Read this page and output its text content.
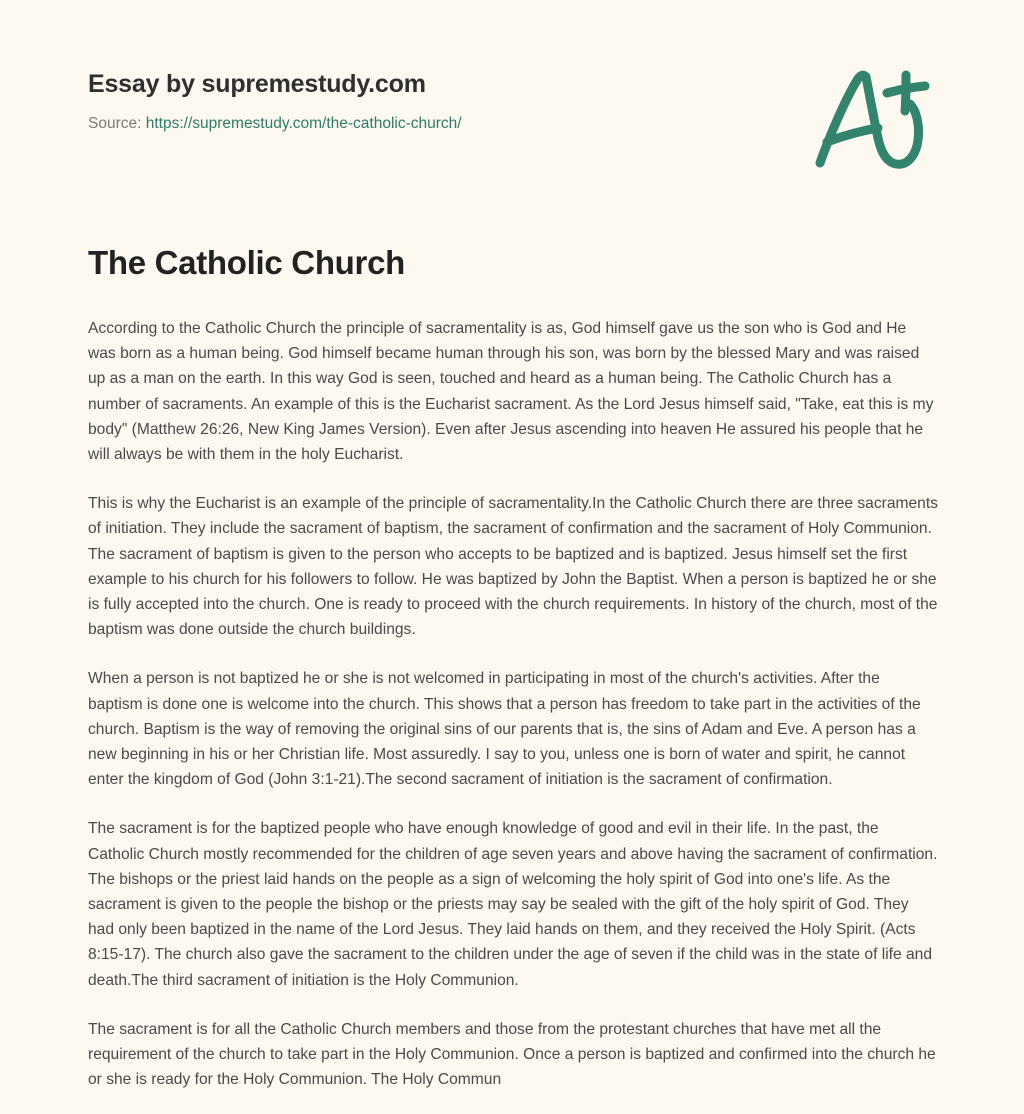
Essay by supremestudy.com
Source: https://supremestudy.com/the-catholic-church/
The Catholic Church

According to the Catholic Church the principle of sacramentality is as, God himself gave us the son who is God and He was born as a human being. God himself became human through his son, was born by the blessed Mary and was raised up as a man on the earth. In this way God is seen, touched and heard as a human being. The Catholic Church has a number of sacraments. An example of this is the Eucharist sacrament. As the Lord Jesus himself said, "Take, eat this is my body" (Matthew 26:26, New King James Version). Even after Jesus ascending into heaven He assured his people that he will always be with them in the holy Eucharist.

This is why the Eucharist is an example of the principle of sacramentality.In the Catholic Church there are three sacraments of initiation. They include the sacrament of baptism, the sacrament of confirmation and the sacrament of Holy Communion. The sacrament of baptism is given to the person who accepts to be baptized and is baptized. Jesus himself set the first example to his church for his followers to follow. He was baptized by John the Baptist. When a person is baptized he or she is fully accepted into the church. One is ready to proceed with the church requirements. In history of the church, most of the baptism was done outside the church buildings.

When a person is not baptized he or she is not welcomed in participating in most of the church's activities. After the baptism is done one is welcome into the church. This shows that a person has freedom to take part in the activities of the church. Baptism is the way of removing the original sins of our parents that is, the sins of Adam and Eve. A person has a new beginning in his or her Christian life. Most assuredly. I say to you, unless one is born of water and spirit, he cannot enter the kingdom of God (John 3:1-21).The second sacrament of initiation is the sacrament of confirmation.

The sacrament is for the baptized people who have enough knowledge of good and evil in their life. In the past, the Catholic Church mostly recommended for the children of age seven years and above having the sacrament of confirmation. The bishops or the priest laid hands on the people as a sign of welcoming the holy spirit of God into one's life. As the sacrament is given to the people the bishop or the priests may say be sealed with the gift of the holy spirit of God. They had only been baptized in the name of the Lord Jesus. They laid hands on them, and they received the Holy Spirit. (Acts 8:15-17). The church also gave the sacrament to the children under the age of seven if the child was in the state of life and death.The third sacrament of initiation is the Holy Communion.

The sacrament is for all the Catholic Church members and those from the protestant churches that have met all the requirement of the church to take part in the Holy Communion. Once a person is baptized and confirmed into the church he or she is ready for the Holy Communion. The Holy Commun
